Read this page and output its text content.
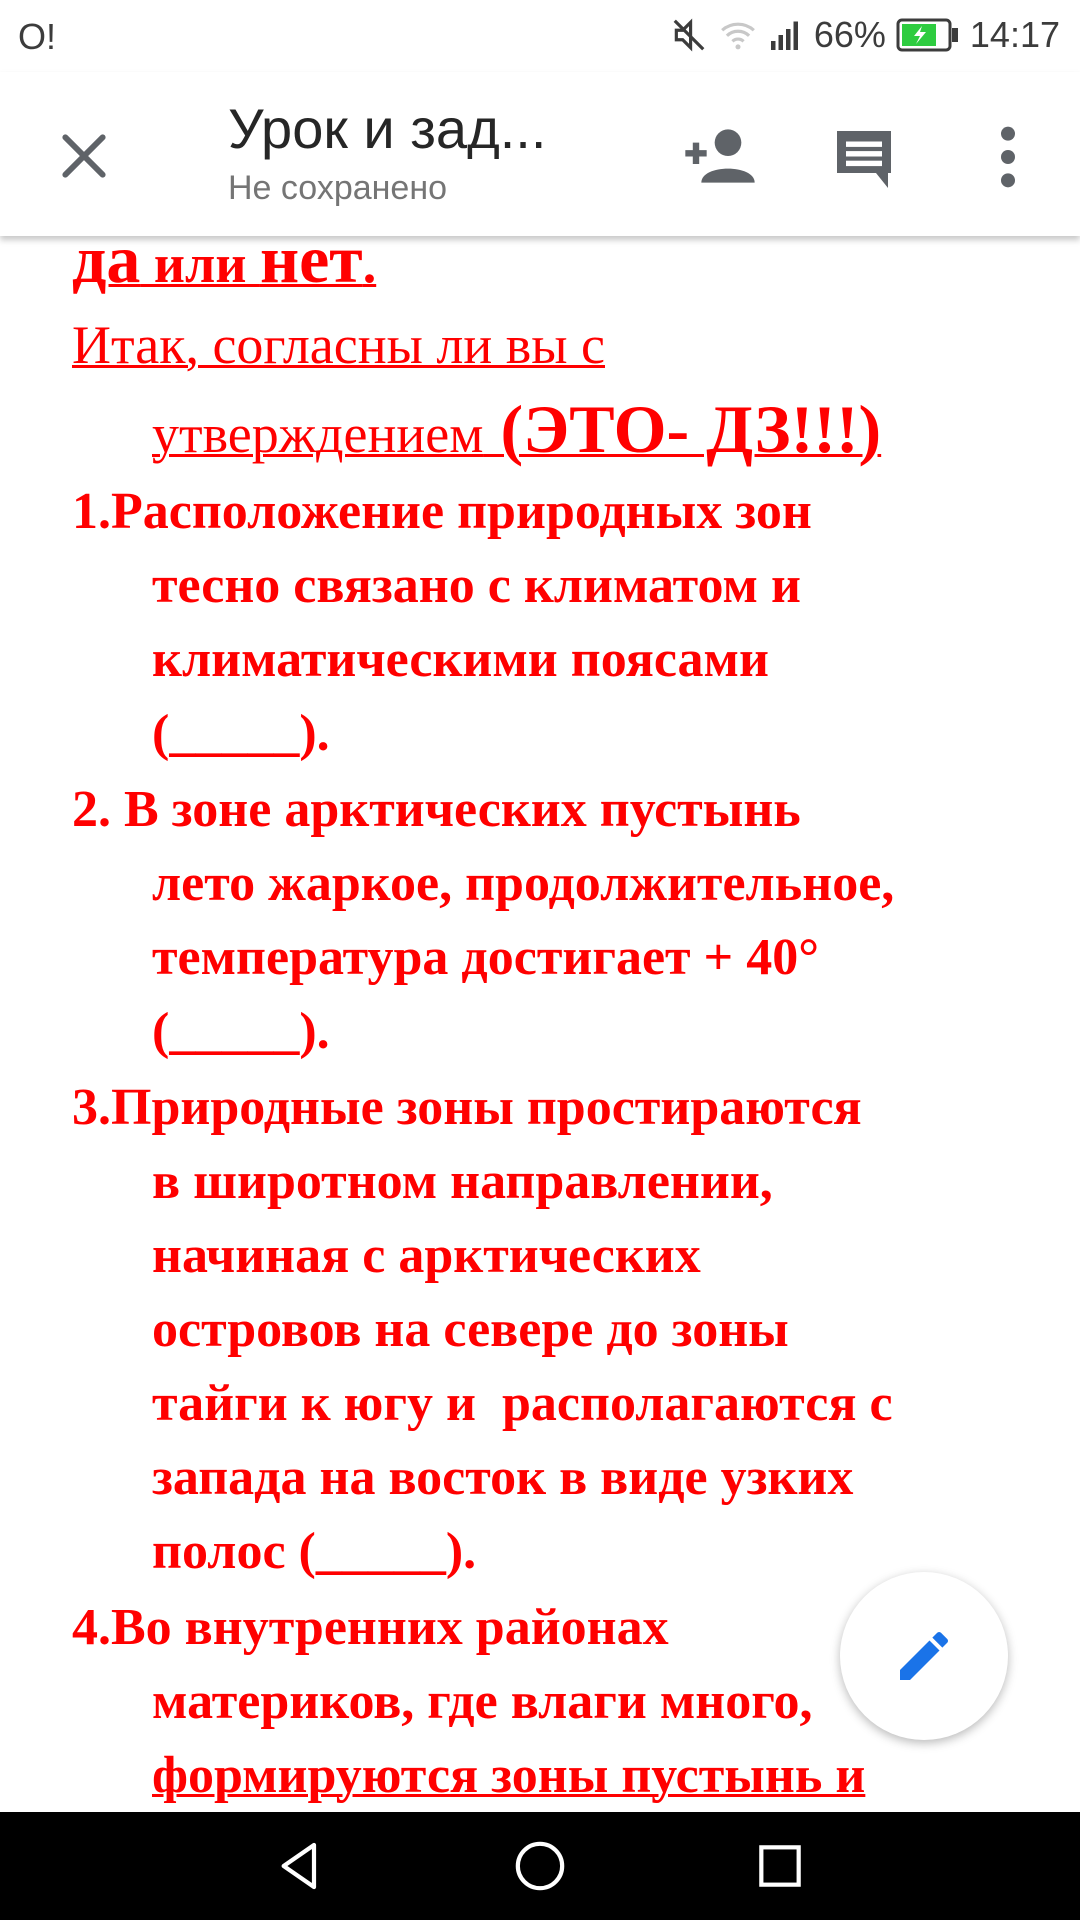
O!	66% 14:17
Урок и зад...
Не сохранено
да или нет.
Итак, согласны ли вы с
утверждением (ЭТО- ДЗ!!!)
1.Расположение природных зон
тесно связано с климатом и
климатическими поясами
(_____).
2. В зоне арктических пустынь
лето жаркое, продолжительное,
температура достигает + 40°
(_____).
3.Природные зоны простираются
в широтном направлении,
начиная с арктических
островов на севере до зоны
тайги к югу и  располагаются с
запада на восток в виде узких
полос (_____).
4.Во внутренних районах
материков, где влаги много,
формируются зоны пустынь и
